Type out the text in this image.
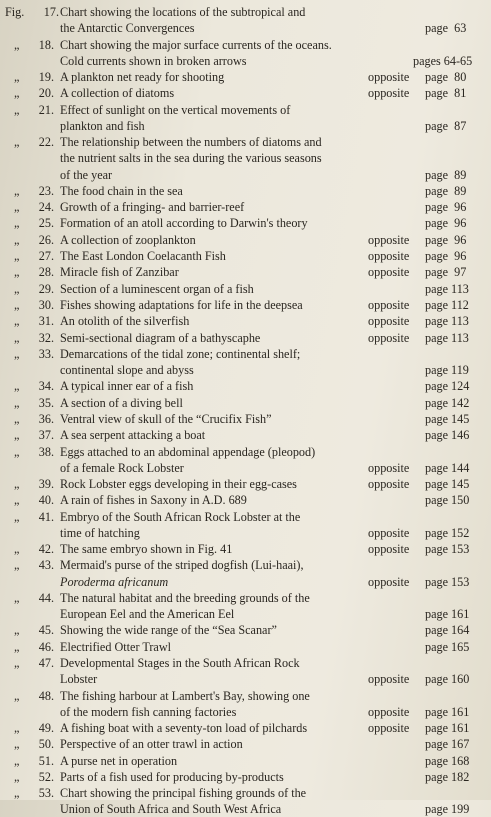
Fig.	17. Chart showing the locations of the subtropical and
the Antarctic Convergences	page  63
„	18. Chart showing the major surface currents of the oceans.
Cold currents shown in broken arrows	pages 64-65
„	19. A plankton net ready for shooting	opposite page  80
„	20. A collection of diatoms	opposite page  81
„	21. Effect of sunlight on the vertical movements of
plankton and fish	page  87
„	22. The relationship between the numbers of diatoms and
the nutrient salts in the sea during the various seasons
of the year	page  89
„	23. The food chain in the sea	page  89
„	24. Growth of a fringing- and barrier-reef	page  96
„	25. Formation of an atoll according to Darwin's theory	page  96
„	26. A collection of zooplankton	opposite page  96
„	27. The East London Coelacanth Fish	opposite page  96
„	28. Miracle fish of Zanzibar	opposite page  97
„	29. Section of a luminescent organ of a fish	page 113
„	30. Fishes showing adaptations for life in the deepsea	opposite page 112
„	31. An otolith of the silverfish	opposite page 113
„	32. Semi-sectional diagram of a bathyscaphe	opposite page 113
„	33. Demarcations of the tidal zone; continental shelf;
continental slope and abyss	page 119
„	34. A typical inner ear of a fish	page 124
„	35. A section of a diving bell	page 142
„	36. Ventral view of skull of the “Crucifix Fish”	page 145
„	37. A sea serpent attacking a boat	page 146
„	38. Eggs attached to an abdominal appendage (pleopod)
of a female Rock Lobster	opposite page 144
„	39. Rock Lobster eggs developing in their egg-cases	opposite page 145
„	40. A rain of fishes in Saxony in A.D. 689	page 150
„	41. Embryo of the South African Rock Lobster at the
time of hatching	opposite page 152
„	42. The same embryo shown in Fig. 41	opposite page 153
„	43. Mermaid's purse of the striped dogfish (Lui-haai),
Poroderma africanum	opposite page 153
„	44. The natural habitat and the breeding grounds of the
European Eel and the American Eel	page 161
„	45. Showing the wide range of the “Sea Scanar”	page 164
„	46. Electrified Otter Trawl	page 165
„	47. Developmental Stages in the South African Rock
Lobster	opposite page 160
„	48. The fishing harbour at Lambert's Bay, showing one
of the modern fish canning factories	opposite page 161
„	49. A fishing boat with a seventy-ton load of pilchards	opposite page 161
„	50. Perspective of an otter trawl in action	page 167
„	51. A purse net in operation	page 168
„	52. Parts of a fish used for producing by-products	page 182
„	53. Chart showing the principal fishing grounds of the
Union of South Africa and South West Africa	page 199
